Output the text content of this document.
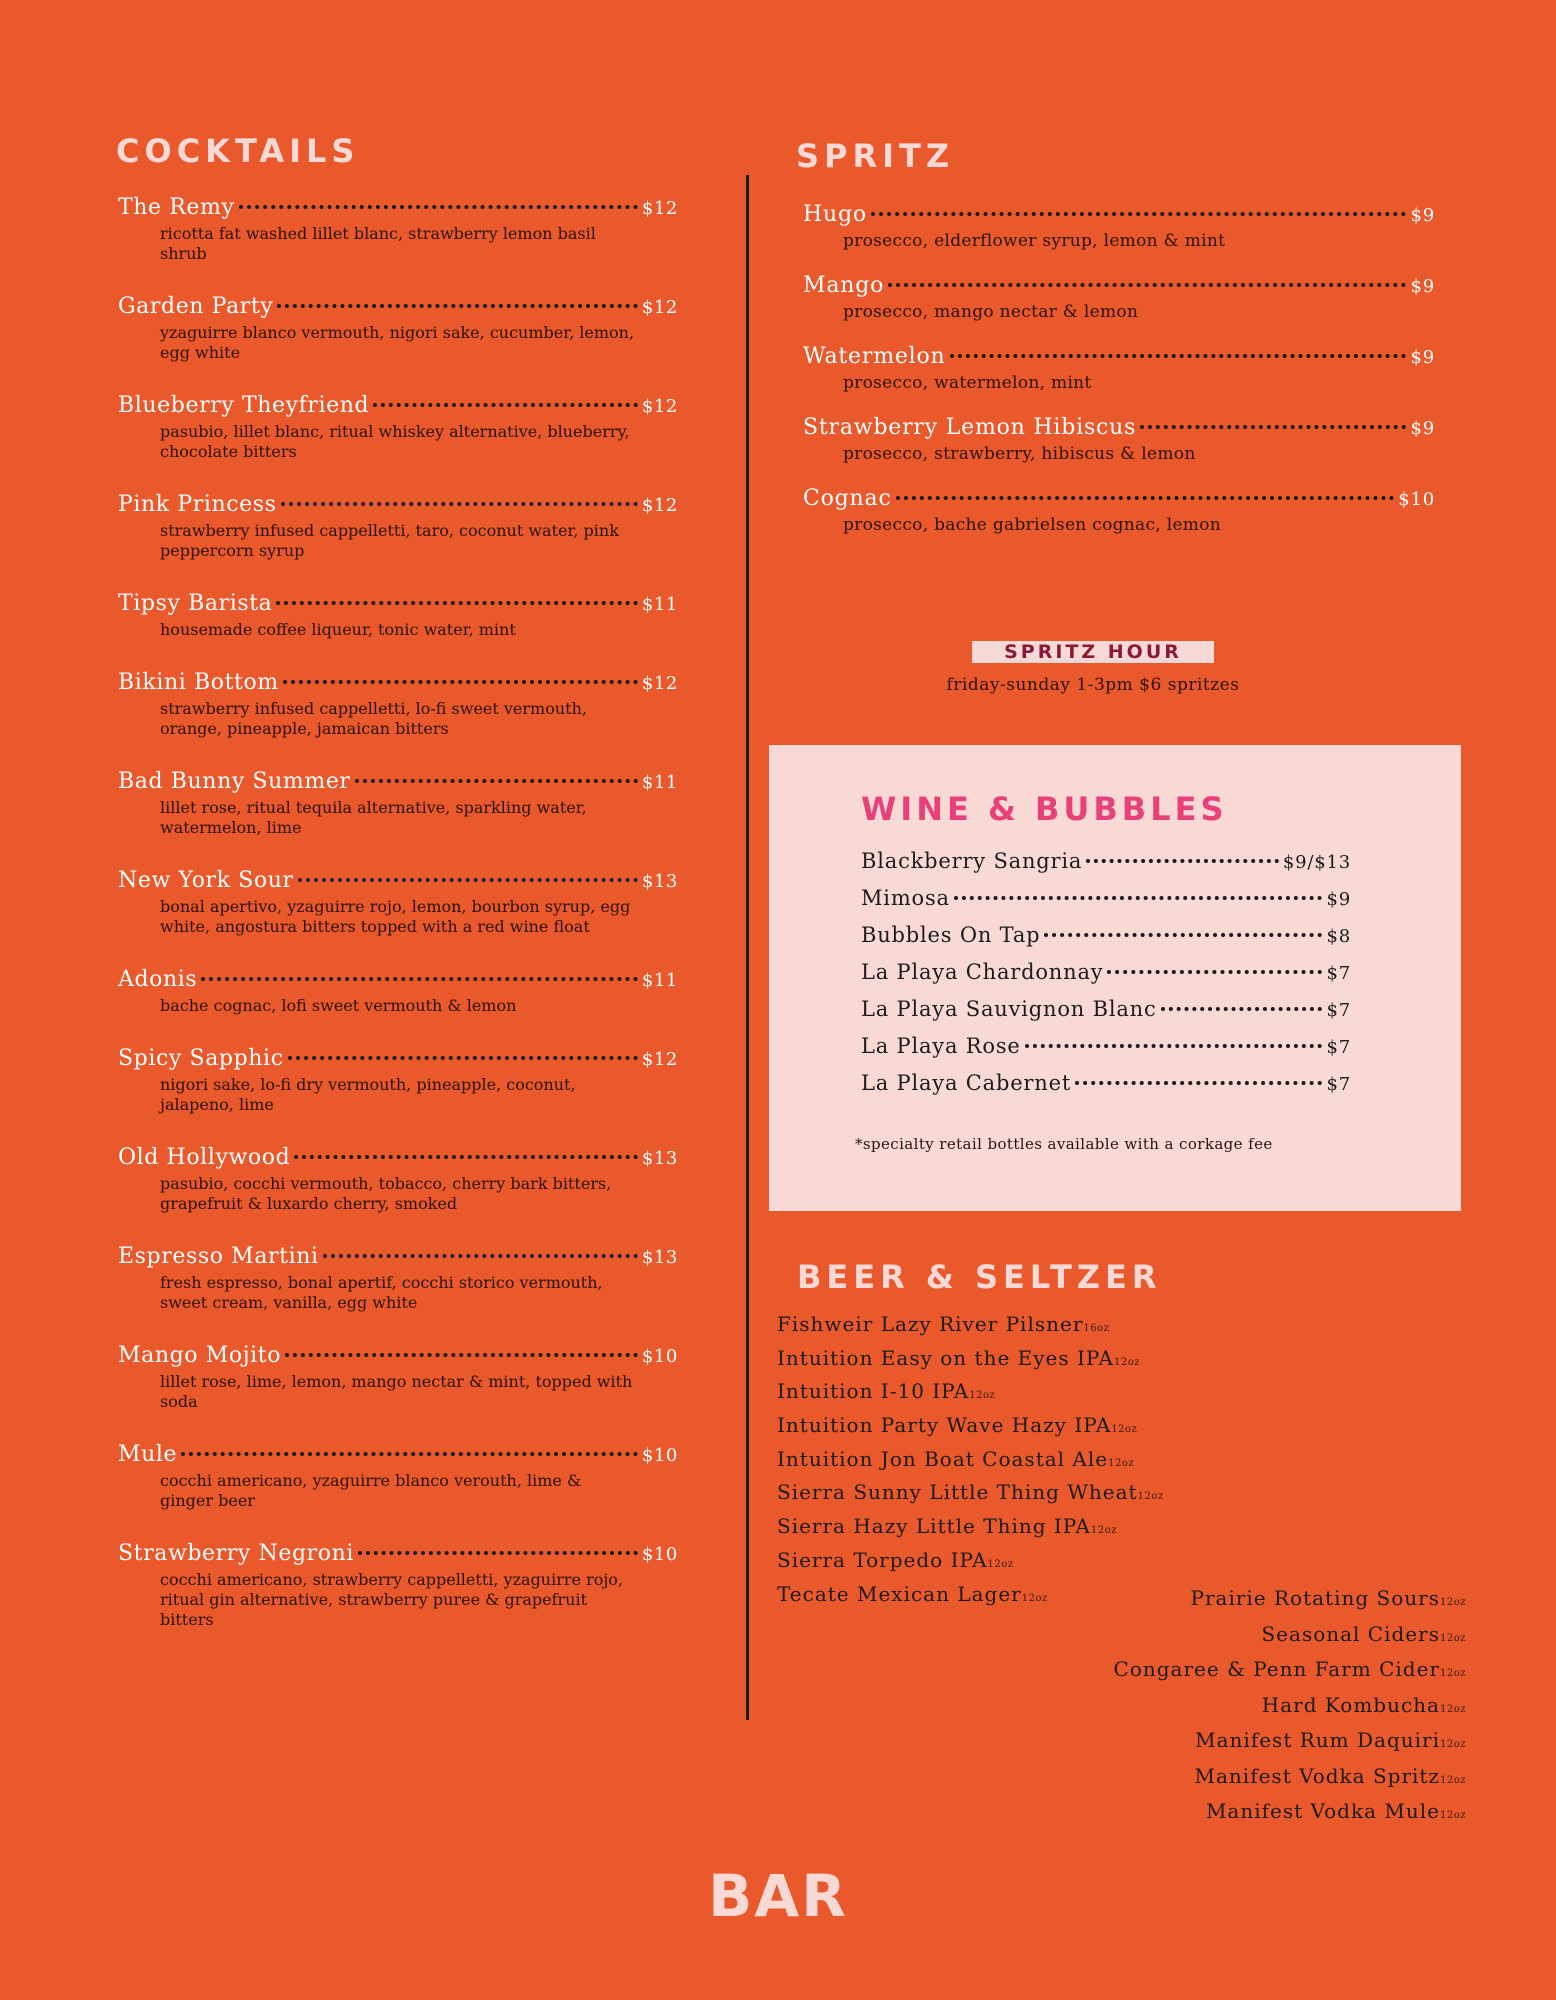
COCKTAILS
The Remy	$12
ricotta fat washed lillet blanc, strawberry lemon basil shrub
Garden Party	$12
yzaguirre blanco vermouth, nigori sake, cucumber, lemon, egg white
Blueberry Theyfriend	$12
pasubio, lillet blanc, ritual whiskey alternative, blueberry, chocolate bitters
Pink Princess	$12
strawberry infused cappelletti, taro, coconut water, pink peppercorn syrup
Tipsy Barista	$11
housemade coffee liqueur, tonic water, mint
Bikini Bottom	$12
strawberry infused cappelletti, lo-fi sweet vermouth, orange, pineapple, jamaican bitters
Bad Bunny Summer	$11
lillet rose, ritual tequila alternative, sparkling water, watermelon, lime
New York Sour	$13
bonal apertivo, yzaguirre rojo, lemon, bourbon syrup, egg white, angostura bitters topped with a red wine float
Adonis	$11
bache cognac, lofi sweet vermouth & lemon
Spicy Sapphic	$12
nigori sake, lo-fi dry vermouth, pineapple, coconut, jalapeno, lime
Old Hollywood	$13
pasubio, cocchi vermouth, tobacco, cherry bark bitters, grapefruit & luxardo cherry, smoked
Espresso Martini	$13
fresh espresso, bonal apertif, cocchi storico vermouth, sweet cream, vanilla, egg white
Mango Mojito	$10
lillet rose, lime, lemon, mango nectar & mint, topped with soda
Mule	$10
cocchi americano, yzaguirre blanco verouth, lime & ginger beer
Strawberry Negroni	$10
cocchi americano, strawberry cappelletti, yzaguirre rojo, ritual gin alternative, strawberry puree & grapefruit bitters
SPRITZ
Hugo	$9
prosecco, elderflower syrup, lemon & mint
Mango	$9
prosecco, mango nectar & lemon
Watermelon	$9
prosecco, watermelon, mint
Strawberry Lemon Hibiscus	$9
prosecco, strawberry, hibiscus & lemon
Cognac	$10
prosecco, bache gabrielsen cognac, lemon
SPRITZ HOUR
friday-sunday 1-3pm $6 spritzes
WINE & BUBBLES
Blackberry Sangria	$9/$13
Mimosa	$9
Bubbles On Tap	$8
La Playa Chardonnay	$7
La Playa Sauvignon Blanc	$7
La Playa Rose	$7
La Playa Cabernet	$7
*specialty retail bottles available with a corkage fee
BEER & SELTZER
Fishweir Lazy River Pilsner16oz
Intuition Easy on the Eyes IPA12oz
Intuition I-10 IPA12oz
Intuition Party Wave Hazy IPA12oz
Intuition Jon Boat Coastal Ale12oz
Sierra Sunny Little Thing Wheat12oz
Sierra Hazy Little Thing IPA12oz
Sierra Torpedo IPA12oz
Tecate Mexican Lager12oz	Prairie Rotating Sours12oz
Seasonal Ciders12oz
Congaree & Penn Farm Cider12oz
Hard Kombucha12oz
Manifest Rum Daquiri12oz
Manifest Vodka Spritz12oz
Manifest Vodka Mule12oz
BAR
